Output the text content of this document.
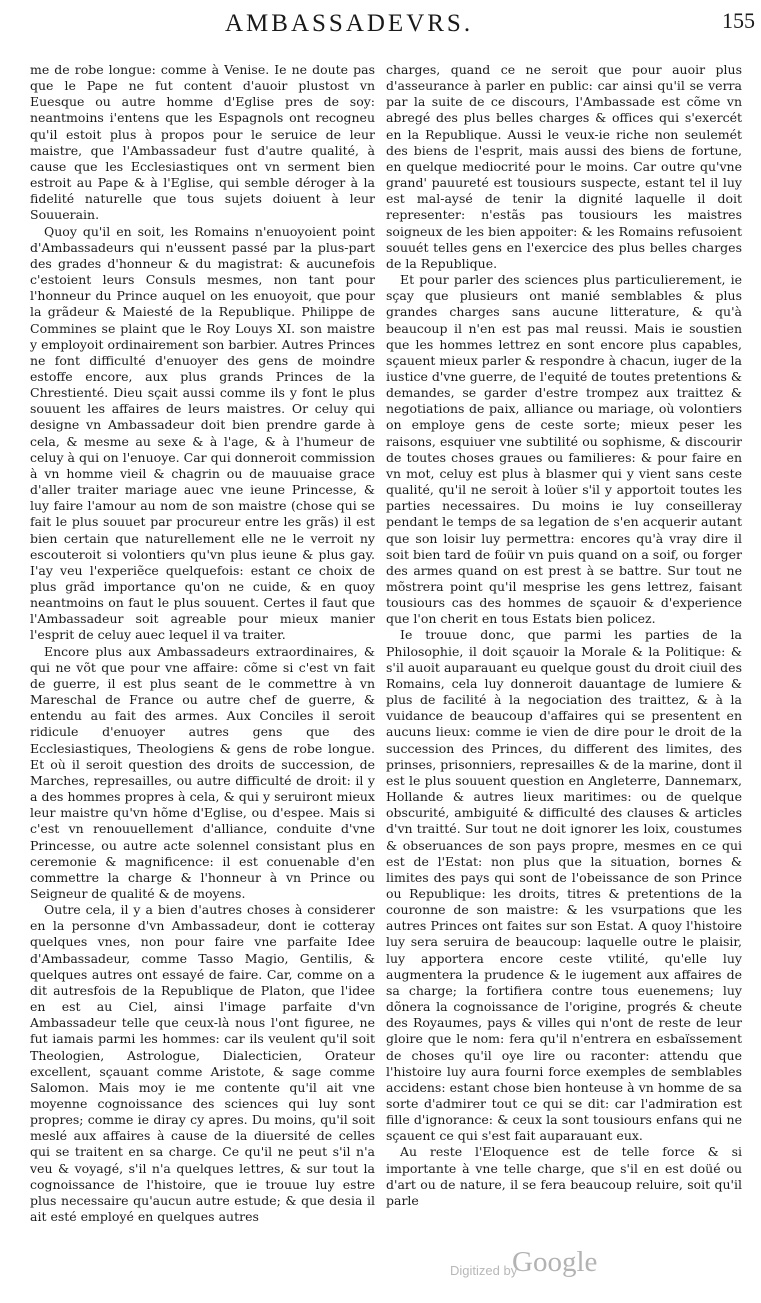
AMBASSADEVRS.	155

me de robe longue: comme à Venise. Ie ne doute pas que le Pape ne fut content d'auoir plustost vn Euesque ou autre homme d'Eglise pres de soy: neantmoins i'entens que les Espagnols ont recogneu qu'il estoit plus à propos pour le seruice de leur maistre, que l'Ambassadeur fust d'autre qualité, à cause que les Ecclesiastiques ont vn serment bien estroit au Pape & à l'Eglise, qui semble déroger à la fidelité naturelle que tous sujets doiuent à leur Souuerain.

Quoy qu'il en soit, les Romains n'enuoyoient point d'Ambassadeurs qui n'eussent passé par la plus-part des grades d'honneur & du magistrat: & aucunefois c'estoient leurs Consuls mesmes, non tant pour l'honneur du Prince auquel on les enuoyoit, que pour la grãdeur & Maiesté de la Republique. Philippe de Commines se plaint que le Roy Louys XI. son maistre y employoit ordinairement son barbier. Autres Princes ne font difficulté d'enuoyer des gens de moindre estoffe encore, aux plus grands Princes de la Chrestienté. Dieu sçait aussi comme ils y font le plus souuent les affaires de leurs maistres. Or celuy qui designe vn Ambassadeur doit bien prendre garde à cela, & mesme au sexe & à l'age, & à l'humeur de celuy à qui on l'enuoye. Car qui donneroit commission à vn homme vieil & chagrin ou de mauuaise grace d'aller traiter mariage auec vne ieune Princesse, & luy faire l'amour au nom de son maistre (chose qui se fait le plus souuet par procureur entre les grãs) il est bien certain que naturellement elle ne le verroit ny escouteroit si volontiers qu'vn plus ieune & plus gay. I'ay veu l'experiẽce quelquefois: estant ce choix de plus grãd importance qu'on ne cuide, & en quoy neantmoins on faut le plus souuent. Certes il faut que l'Ambassadeur soit agreable pour mieux manier l'esprit de celuy auec lequel il va traiter.

Encore plus aux Ambassadeurs extraordinaires, & qui ne võt que pour vne affaire: cõme si c'est vn fait de guerre, il est plus seant de le commettre à vn Mareschal de France ou autre chef de guerre, & entendu au fait des armes. Aux Conciles il seroit ridicule d'enuoyer autres gens que des Ecclesiastiques, Theologiens & gens de robe longue. Et où il seroit question des droits de succession, de Marches, represailles, ou autre difficulté de droit: il y a des hommes propres à cela, & qui y seruiront mieux leur maistre qu'vn hõme d'Eglise, ou d'espee. Mais si c'est vn renouuellement d'alliance, conduite d'vne Princesse, ou autre acte solennel consistant plus en ceremonie & magnificence: il est conuenable d'en commettre la charge & l'honneur à vn Prince ou Seigneur de qualité & de moyens.

Outre cela, il y a bien d'autres choses à considerer en la personne d'vn Ambassadeur, dont ie cotteray quelques vnes, non pour faire vne parfaite Idee d'Ambassadeur, comme Tasso Magio, Gentilis, & quelques autres ont essayé de faire. Car, comme on a dit autresfois de la Republique de Platon, que l'idee en est au Ciel, ainsi l'image parfaite d'vn Ambassadeur telle que ceux-là nous l'ont figuree, ne fut iamais parmi les hommes: car ils veulent qu'il soit Theologien, Astrologue, Dialecticien, Orateur excellent, sçauant comme Aristote, & sage comme Salomon. Mais moy ie me contente qu'il ait vne moyenne cognoissance des sciences qui luy sont propres; comme ie diray cy apres. Du moins, qu'il soit meslé aux affaires à cause de la diuersité de celles qui se traitent en sa charge. Ce qu'il ne peut s'il n'a veu & voyagé, s'il n'a quelques lettres, & sur tout la cognoissance de l'histoire, que ie trouue luy estre plus necessaire qu'aucun autre estude; & que desia il ait esté employé en quelques autres

charges, quand ce ne seroit que pour auoir plus d'asseurance à parler en public: car ainsi qu'il se verra par la suite de ce discours, l'Ambassade est cõme vn abregé des plus belles charges & offices qui s'exercét en la Republique. Aussi le veux-ie riche non seulemét des biens de l'esprit, mais aussi des biens de fortune, en quelque mediocrité pour le moins. Car outre qu'vne grand' pauureté est tousiours suspecte, estant tel il luy est mal-aysé de tenir la dignité laquelle il doit representer: n'estãs pas tousiours les maistres soigneux de les bien appoiter: & les Romains refusoient souuét telles gens en l'exercice des plus belles charges de la Republique.

Et pour parler des sciences plus particulierement, ie sçay que plusieurs ont manié semblables & plus grandes charges sans aucune litterature, & qu'à beaucoup il n'en est pas mal reussi. Mais ie soustien que les hommes lettrez en sont encore plus capables, sçauent mieux parler & respondre à chacun, iuger de la iustice d'vne guerre, de l'equité de toutes pretentions & demandes, se garder d'estre trompez aux traittez & negotiations de paix, alliance ou mariage, où volontiers on employe gens de ceste sorte; mieux peser les raisons, esquiuer vne subtilité ou sophisme, & discourir de toutes choses graues ou familieres: & pour faire en vn mot, celuy est plus à blasmer qui y vient sans ceste qualité, qu'il ne seroit à loüer s'il y apportoit toutes les parties necessaires. Du moins ie luy conseilleray pendant le temps de sa legation de s'en acquerir autant que son loisir luy permettra: encores qu'à vray dire il soit bien tard de foüir vn puis quand on a soif, ou forger des armes quand on est prest à se battre. Sur tout ne mõstrera point qu'il mesprise les gens lettrez, faisant tousiours cas des hommes de sçauoir & d'experience que l'on cherit en tous Estats bien policez.

Ie trouue donc, que parmi les parties de la Philosophie, il doit sçauoir la Morale & la Politique: & s'il auoit auparauant eu quelque goust du droit ciuil des Romains, cela luy donneroit dauantage de lumiere & plus de facilité à la negociation des traittez, & à la vuidance de beaucoup d'affaires qui se presentent en aucuns lieux: comme ie vien de dire pour le droit de la succession des Princes, du different des limites, des prinses, prisonniers, represailles & de la marine, dont il est le plus souuent question en Angleterre, Dannemarx, Hollande & autres lieux maritimes: ou de quelque obscurité, ambiguité & difficulté des clauses & articles d'vn traitté. Sur tout ne doit ignorer les loix, coustumes & obseruances de son pays propre, mesmes en ce qui est de l'Estat: non plus que la situation, bornes & limites des pays qui sont de l'obeissance de son Prince ou Republique: les droits, titres & pretentions de la couronne de son maistre: & les vsurpations que les autres Princes ont faites sur son Estat. A quoy l'histoire luy sera seruira de beaucoup: laquelle outre le plaisir, luy apportera encore ceste vtilité, qu'elle luy augmentera la prudence & le iugement aux affaires de sa charge; la fortifiera contre tous euenemens; luy dõnera la cognoissance de l'origine, progrés & cheute des Royaumes, pays & villes qui n'ont de reste de leur gloire que le nom: fera qu'il n'entrera en esbaïssement de choses qu'il oye lire ou raconter: attendu que l'histoire luy aura fourni force exemples de semblables accidens: estant chose bien honteuse à vn homme de sa sorte d'admirer tout ce qui se dit: car l'admiration est fille d'ignorance: & ceux la sont tousiours enfans qui ne sçauent ce qui s'est fait auparauant eux.

Au reste l'Eloquence est de telle force & si importante à vne telle charge, que s'il en est doüé ou d'art ou de nature, il se fera beaucoup reluire, soit qu'il parle

Digitized by
Google
